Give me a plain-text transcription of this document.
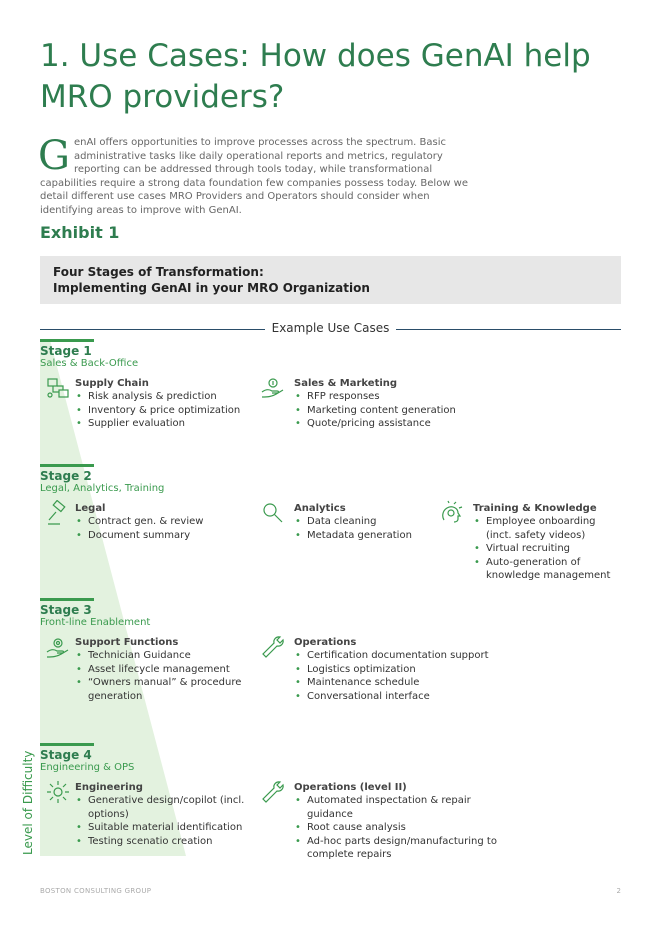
1. Use Cases: How does GenAI help MRO providers?

GenAI offers opportunities to improve processes across the spectrum. Basic administrative tasks like daily operational reports and metrics, regulatory reporting can be addressed through tools today, while transformational capabilities require a strong data foundation few companies possess today. Below we detail different use cases MRO Providers and Operators should consider when identifying areas to improve with GenAI.

Exhibit 1
Four Stages of Transformation:
Implementing GenAI in your MRO Organization
Example Use Cases
Level of Difficulty
Stage 1
Sales & Back-Office
Supply Chain
• Risk analysis & prediction
• Inventory & price optimization
• Supplier evaluation
Sales & Marketing
• RFP responses
• Marketing content generation
• Quote/pricing assistance
Stage 2
Legal, Analytics, Training
Legal
• Contract gen. & review
• Document summary
Analytics
• Data cleaning
• Metadata generation
Training & Knowledge
• Employee onboarding (inct. safety videos)
• Virtual recruiting
• Auto-generation of knowledge management
Stage 3
Front-line Enablement
Support Functions
• Technician Guidance
• Asset lifecycle management
• “Owners manual” & procedure generation
Operations
• Certification documentation support
• Logistics optimization
• Maintenance schedule
• Conversational interface
Stage 4
Engineering & OPS
Engineering
• Generative design/copilot (incl. options)
• Suitable material identification
• Testing scenatio creation
Operations (level II)
• Automated inspectation & repair guidance
• Root cause analysis
• Ad-hoc parts design/manufacturing to complete repairs
BOSTON CONSULTING GROUP	2
